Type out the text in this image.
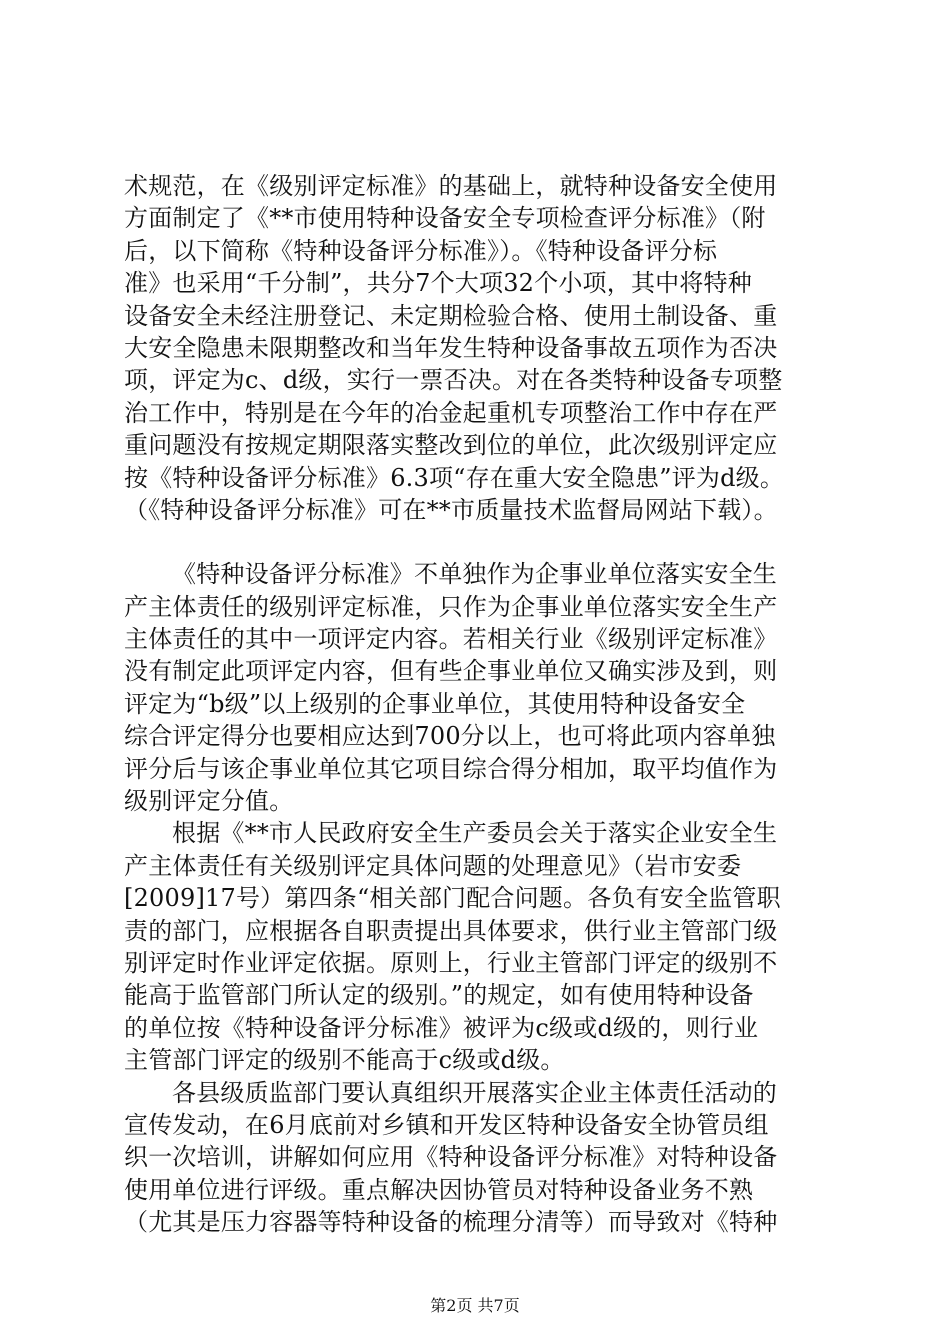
术规范，在《级别评定标准》的基础上，就特种设备安全使用
方面制定了《**市使用特种设备安全专项检查评分标准》（附
后，以下简称《特种设备评分标准》）。《特种设备评分标
准》也采用“千分制”，共分7个大项32个小项，其中将特种
设备安全未经注册登记、未定期检验合格、使用土制设备、重
大安全隐患未限期整改和当年发生特种设备事故五项作为否决
项，评定为c、d级，实行一票否决。对在各类特种设备专项整
治工作中，特别是在今年的冶金起重机专项整治工作中存在严
重问题没有按规定期限落实整改到位的单位，此次级别评定应
按《特种设备评分标准》6.3项“存在重大安全隐患”评为d级。
（《特种设备评分标准》可在**市质量技术监督局网站下载）。
《特种设备评分标准》不单独作为企事业单位落实安全生
产主体责任的级别评定标准，只作为企事业单位落实安全生产
主体责任的其中一项评定内容。若相关行业《级别评定标准》
没有制定此项评定内容，但有些企事业单位又确实涉及到，则
评定为“b级”以上级别的企事业单位，其使用特种设备安全
综合评定得分也要相应达到700分以上，也可将此项内容单独
评分后与该企事业单位其它项目综合得分相加，取平均值作为
级别评定分值。
根据《**市人民政府安全生产委员会关于落实企业安全生
产主体责任有关级别评定具体问题的处理意见》（岩市安委
[2009]17号）第四条“相关部门配合问题。各负有安全监管职
责的部门，应根据各自职责提出具体要求，供行业主管部门级
别评定时作业评定依据。原则上，行业主管部门评定的级别不
能高于监管部门所认定的级别。”的规定，如有使用特种设备
的单位按《特种设备评分标准》被评为c级或d级的，则行业
主管部门评定的级别不能高于c级或d级。
各县级质监部门要认真组织开展落实企业主体责任活动的
宣传发动，在6月底前对乡镇和开发区特种设备安全协管员组
织一次培训，讲解如何应用《特种设备评分标准》对特种设备
使用单位进行评级。重点解决因协管员对特种设备业务不熟
（尤其是压力容器等特种设备的梳理分清等）而导致对《特种
第2页 共7页
